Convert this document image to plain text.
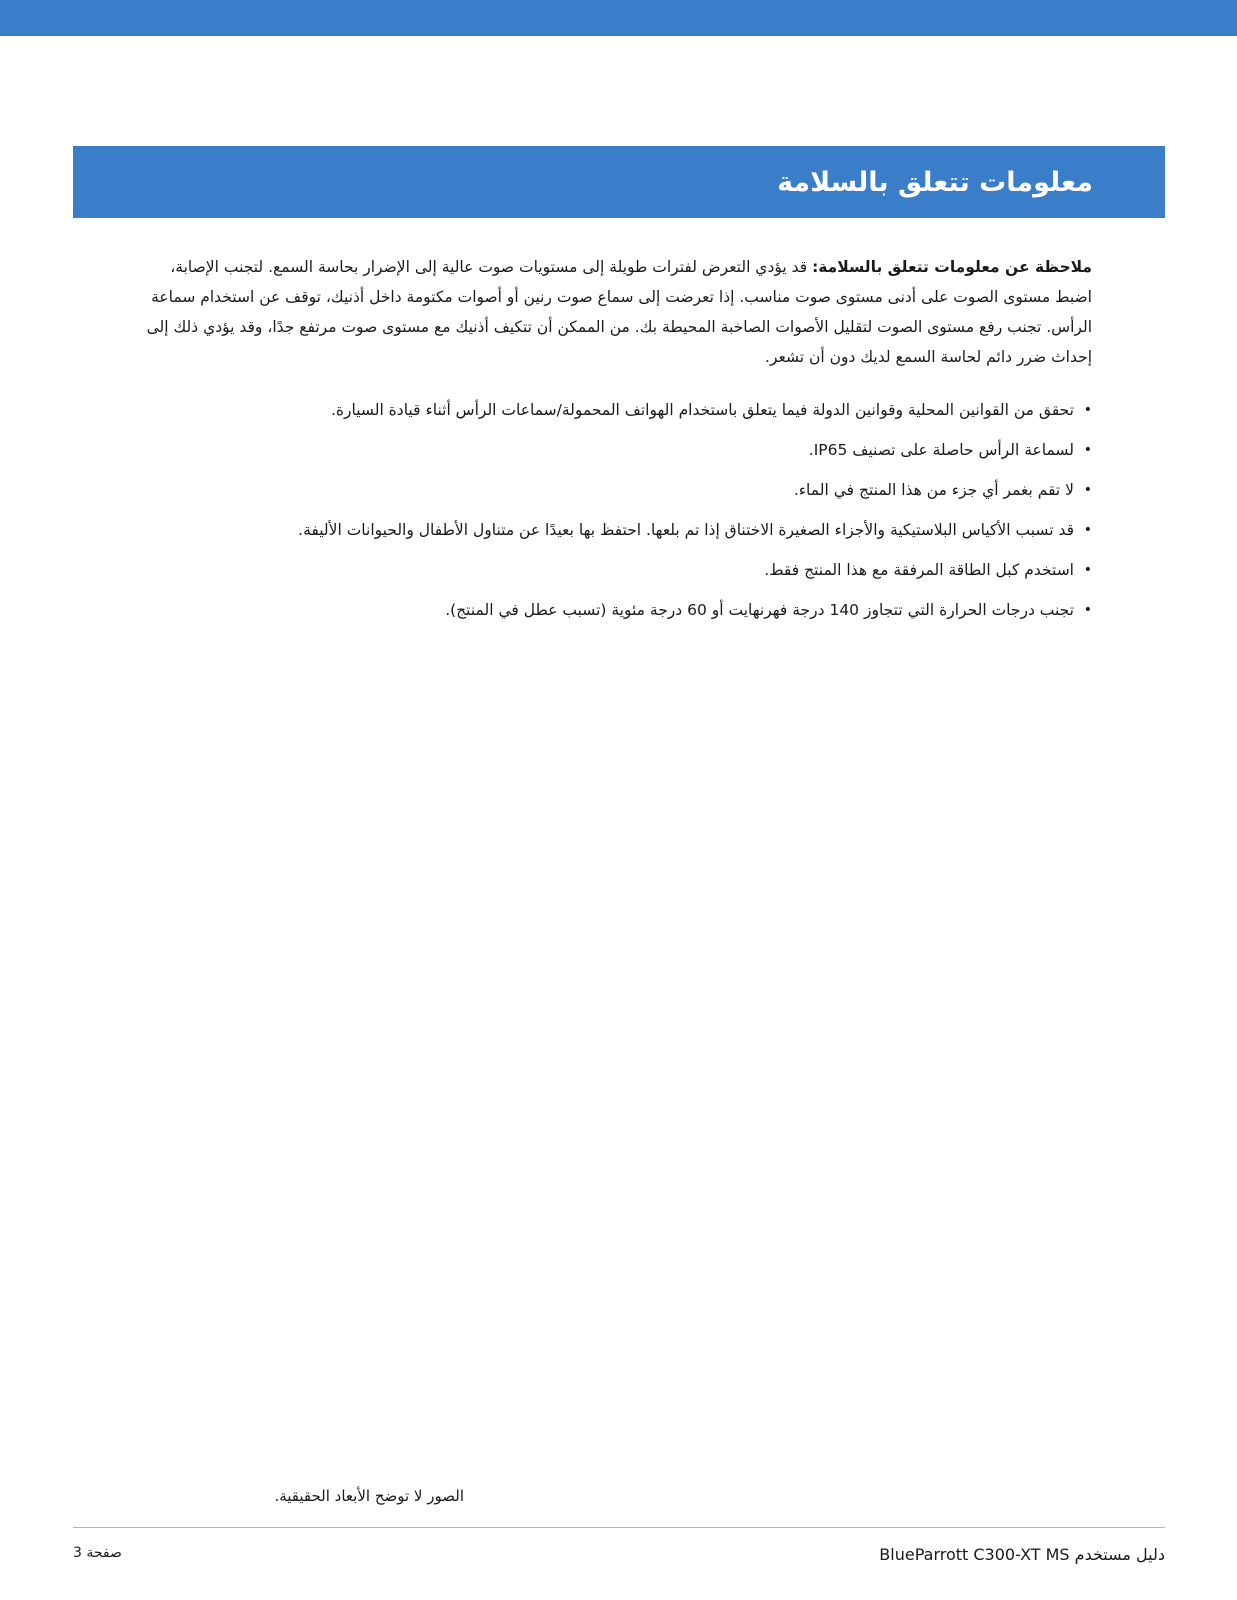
معلومات تتعلق بالسلامة
ملاحظة عن معلومات تتعلق بالسلامة: قد يؤدي التعرض لفترات طويلة إلى مستويات صوت عالية إلى الإضرار بحاسة السمع. لتجنب الإصابة، اضبط مستوى الصوت على أدنى مستوى صوت مناسب. إذا تعرضت إلى سماع صوت رنين أو أصوات مكتومة داخل أذنيك، توقف عن استخدام سماعة الرأس. تجنب رفع مستوى الصوت لتقليل الأصوات الصاخبة المحيطة بك. من الممكن أن تتكيف أذنيك مع مستوى صوت مرتفع جدًا، وقد يؤدي ذلك إلى إحداث ضرر دائم لحاسة السمع لديك دون أن تشعر.
•
تحقق من القوانين المحلية وقوانين الدولة فيما يتعلق باستخدام الهواتف المحمولة/سماعات الرأس أثناء قيادة السيارة.
•
لسماعة الرأس حاصلة على تصنيف IP65.
•
لا تقم بغمر أي جزء من هذا المنتج في الماء.
•
قد تسبب الأكياس البلاستيكية والأجزاء الصغيرة الاختناق إذا تم بلعها. احتفظ بها بعيدًا عن متناول الأطفال والحيوانات الأليفة.
•
استخدم كبل الطاقة المرفقة مع هذا المنتج فقط.
•
تجنب درجات الحرارة التي تتجاوز 140 درجة فهرنهايت أو 60 درجة مئوية (تسبب عطل في المنتج).
الصور لا توضح الأبعاد الحقيقية.
صفحة 3	دليل مستخدم BlueParrott C300-XT MS
